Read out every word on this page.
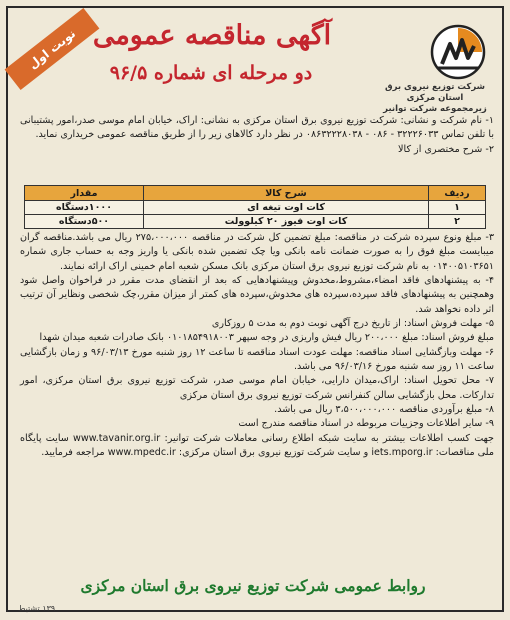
نوبت اول آگهی مناقصه عمومی
دو مرحله ای شماره ۹۶/۵
شرکت توزیع نیروی برق استان مرکزی
زیرمجموعه شرکت توانیر

۱- نام شرکت و نشانی: شرکت توزیع نیروی برق استان مرکزی به نشانی: اراک، خیابان امام موسی صدر،امور پشتیبانی با تلفن تماس ۳۲۲۲۶۰۳۳ - ۰۸۶ - ۰۸۶۳۲۲۲۸۰۳۸ در نظر دارد کالاهای زیر را از طریق مناقصه عمومی خریداری نماید.

۲- شرح مختصری از کالا

ردیف	شرح کالا	مقدار
۱	کات اوت تیغه ای	۱۰۰۰دستگاه
۲	کات اوت فیوز ۲۰ کیلوولت	۵۰۰دستگاه

۳- مبلغ ونوع سپرده شرکت در مناقصه: مبلغ تضمین کل شرکت در مناقصه ۲۷۵،۰۰۰،۰۰۰ ریال می باشد.مناقصه گران میبایست مبلغ فوق را به صورت ضمانت نامه بانکی ویا چک تضمین شده بانکی یا واریز وجه به حساب جاری شماره ۰۱۴۰۰۵۱۰۳۶۵۱ به نام شرکت توزیع نیروی برق استان مرکزی بانک مسکن شعبه امام خمینی اراک ارائه نمایند.

۴- به پیشنهادهای فاقد امضاء،مشروط،مخدوش وپیشنهادهایی که بعد از انقضای مدت مقرر در فراخوان واصل شود وهمچنین به پیشنهادهای فاقد سپرده،سپرده های مخدوش،سپرده های کمتر از میزان مقرر،چک شخصی ونظایر آن ترتیب اثر داده نخواهد شد.

۵- مهلت فروش اسناد: از تاریخ درج آگهی نوبت دوم به مدت ۵ روزکاری

مبلغ فروش اسناد: مبلغ ۲۰۰،۰۰۰ ریال فیش واریزی در وجه سپهر ۰۱۰۱۸۵۴۹۱۸۰۰۳ بانک صادرات شعبه میدان شهدا

۶- مهلت وبازگشایی اسناد مناقصه: مهلت عودت اسناد مناقصه تا ساعت ۱۲ روز شنبه مورخ ۹۶/۰۳/۱۳ و زمان بازگشایی ساعت ۱۱ روز سه شنبه مورخ ۹۶/۰۳/۱۶ می باشد.

۷- محل تحویل اسناد: اراک،میدان دارایی، خیابان امام موسی صدر، شرکت توزیع نیروی برق استان مرکزی، امور تدارکات. محل بازگشایی سالن کنفرانس شرکت توزیع نیروی برق استان مرکزی

۸- مبلغ برآوردی مناقصه ۳،۵۰۰،۰۰۰،۰۰۰ ریال می باشد.

۹- سایر اطلاعات وجزییات مربوطه در اسناد مناقصه مندرج است

جهت کسب اطلاعات بیشتر به سایت شبکه اطلاع رسانی معاملات شرکت توانیر: www.tavanir.org.ir سایت پایگاه ملی مناقصات: iets.mporg.ir و سایت شرکت توزیع نیروی برق استان مرکزی: www.mpedc.ir مراجعه فرمایید.

روابط عمومی شرکت توزیع نیروی برق استان مرکزی
۱۳۹ تشتیط
